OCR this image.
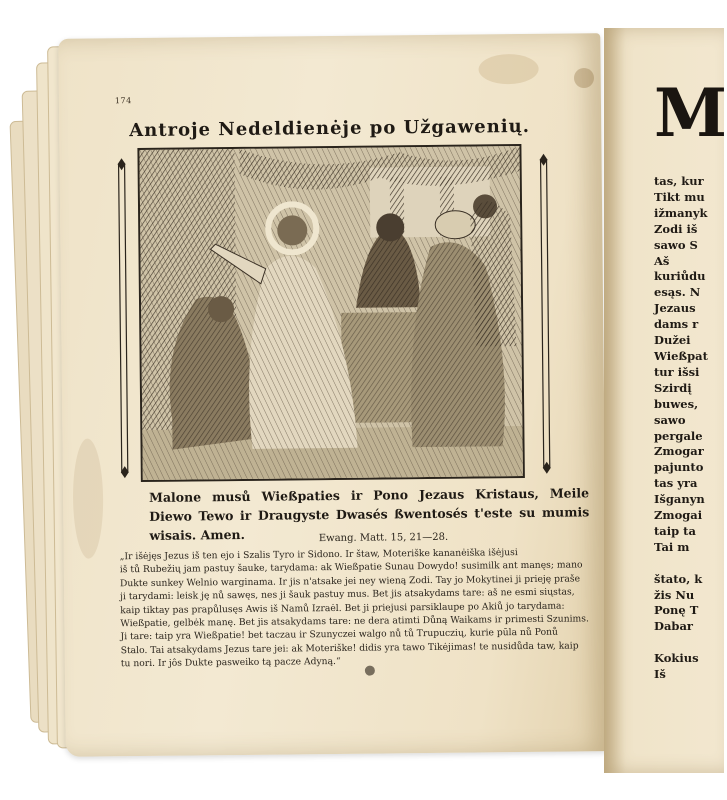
174
Antroje Nedeldienėje po Užgawenių.
Malone musů Wießpaties ir Pono Jezaus Kristaus, Meile Diewo Tewo ir Draugyste Dwasés ßwentosés t'este su mumis wisais. Amen.	Ewang. Matt. 15, 21—28.
„Ir išėjęs Jezus iš ten ejo i Szalis Tyro ir Sidono. Ir štaw, Moteriške kananėiška išėjusi
iš tů Rubežių jam pastuy šauke, tarydama: ak Wießpatie Sunau Dowydo! susimilk ant manęs; mano
Dukte sunkey Welnio warginama. Ir jis n'atsake jei ney wieną Zodi. Tay jo Mokytinei ji prieję praše
ji tarydami: leisk ję nů sawęs, nes ji šauk pastuy mus. Bet jis atsakydams tare: aš ne esmi siųstas,
kaip tiktay pas prapůlusęs Awis iš Namů Izraėl. Bet ji priejusi parsiklaupe po Akiů jo tarydama:
Wießpatie, gelbėk manę. Bet jis atsakydams tare: ne dera atimti Důną Waikams ir primesti Szunims.
Ji tare: taip yra Wießpatie! bet taczau ir Szunyczei walgo nů tů Trupuczių, kurie pūla nů Ponů
Stalo. Tai atsakydams Jezus tare jei: ak Moteriške! didis yra tawo Tikėjimas! te nusidůda taw, kaip
tu nori. Ir jôs Dukte pasweiko tą pacze Adyną.“
M
tas, kur
Tikt mu
ižmanyk
Zodi iš
sawo S
Aš
kuriůdu
esąs. N
Jezaus
dams r
Dužei
Wießpat
tur išsi
Szirdį
buwes,
sawo
pergale
Zmogar
pajunto
tas yra
Išganyn
Zmogai
taip ta
Tai m

štato, k
žis Nu
Ponę T
Dabar

Kokius
Iš
